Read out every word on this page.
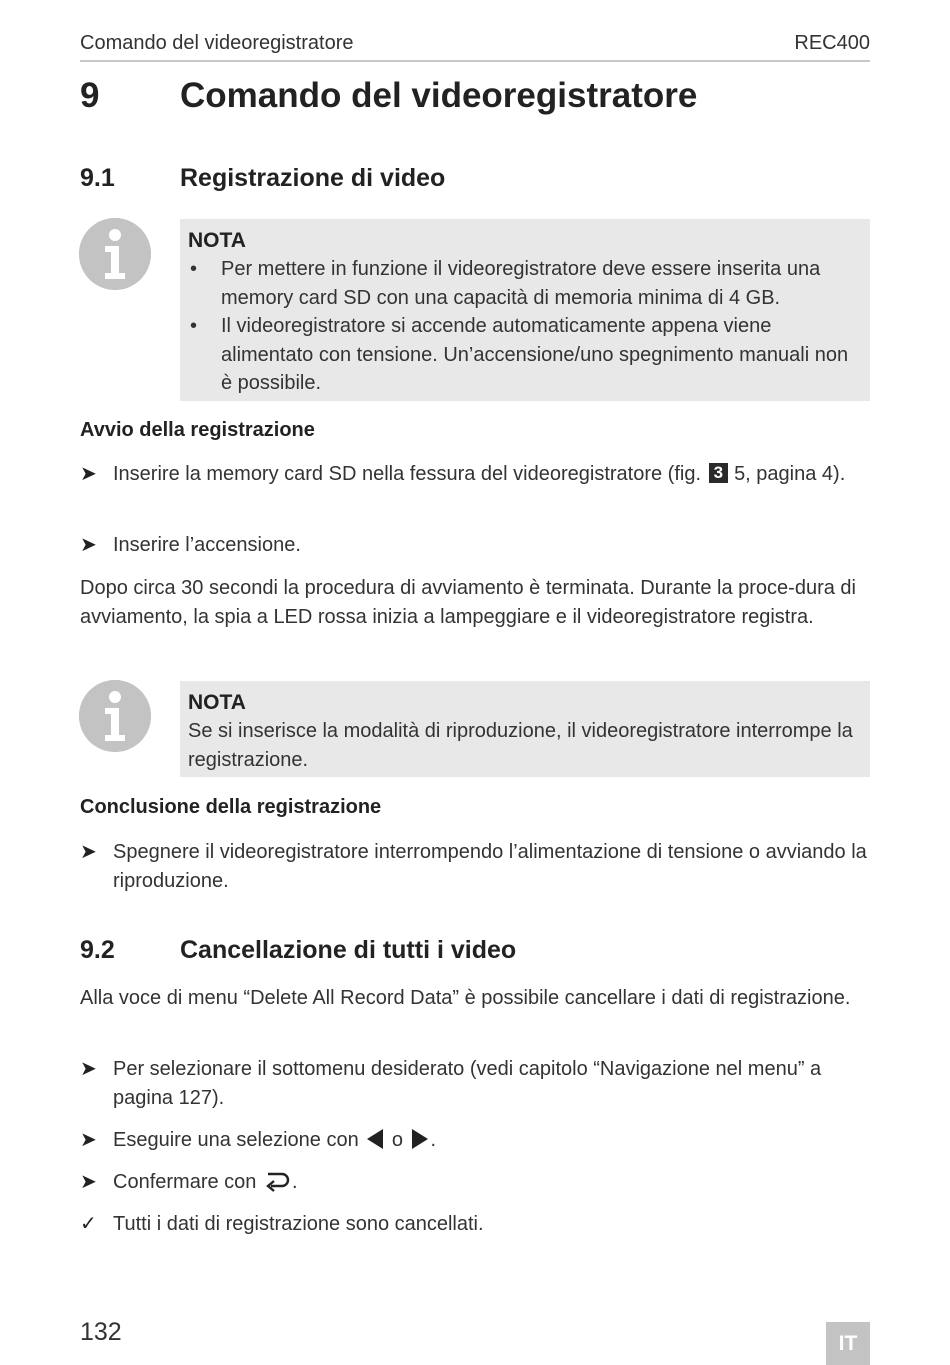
Comando del videoregistratore	REC400
9 Comando del videoregistratore
9.1	Registrazione di video
NOTA
• Per mettere in funzione il videoregistratore deve essere inserita una memory card SD con una capacità di memoria minima di 4 GB.
• Il videoregistratore si accende automaticamente appena viene alimentato con tensione. Un’accensione/uno spegnimento manuali non è possibile.
Avvio della registrazione
➤ Inserire la memory card SD nella fessura del videoregistratore (fig. 3 5, pagina 4).
➤ Inserire l’accensione.
Dopo circa 30 secondi la procedura di avviamento è terminata. Durante la proce-dura di avviamento, la spia a LED rossa inizia a lampeggiare e il videoregistratore registra.
NOTA
Se si inserisce la modalità di riproduzione, il videoregistratore interrompe la registrazione.
Conclusione della registrazione
➤ Spegnere il videoregistratore interrompendo l’alimentazione di tensione o avviando la riproduzione.
9.2	Cancellazione di tutti i video
Alla voce di menu “Delete All Record Data” è possibile cancellare i dati di registrazione.
➤ Per selezionare il sottomenu desiderato (vedi capitolo “Navigazione nel menu” a pagina 127).
➤ Eseguire una selezione con o .
➤ Confermare con .
✓ Tutti i dati di registrazione sono cancellati.
132	IT
